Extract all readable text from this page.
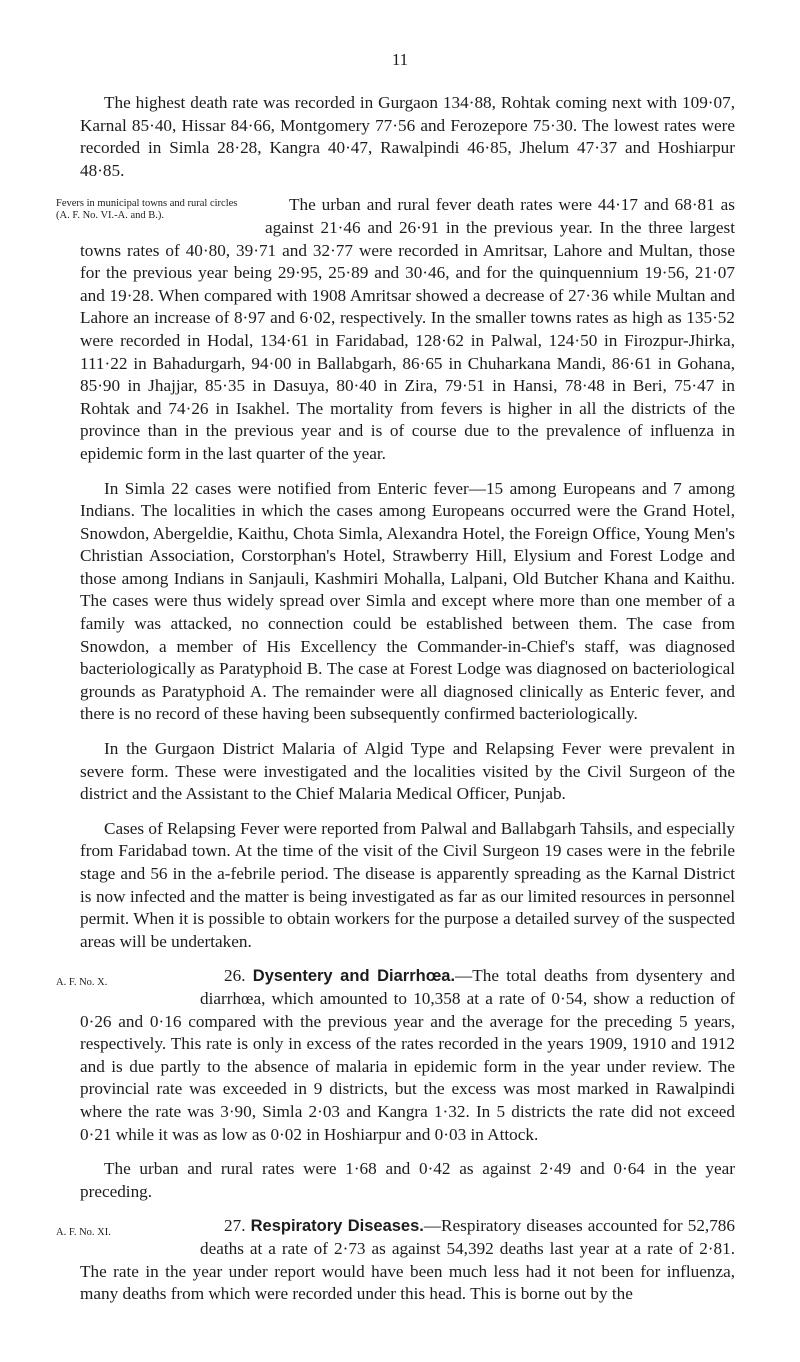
11

The highest death rate was recorded in Gurgaon 134·88, Rohtak coming next with 109·07, Karnal 85·40, Hissar 84·66, Montgomery 77·56 and Ferozepore 75·30. The lowest rates were recorded in Simla 28·28, Kangra 40·47, Rawalpindi 46·85, Jhelum 47·37 and Hoshiarpur 48·85.

Fevers in municipal towns and rural circles (A. F. No. VI.-A. and B.).
The urban and rural fever death rates were 44·17 and 68·81 as against 21·46 and 26·91 in the previous year. In the three largest towns rates of 40·80, 39·71 and 32·77 were recorded in Amritsar, Lahore and Multan, those for the previous year being 29·95, 25·89 and 30·46, and for the quinquennium 19·56, 21·07 and 19·28. When compared with 1908 Amritsar showed a decrease of 27·36 while Multan and Lahore an increase of 8·97 and 6·02, respectively. In the smaller towns rates as high as 135·52 were recorded in Hodal, 134·61 in Faridabad, 128·62 in Palwal, 124·50 in Firozpur-Jhirka, 111·22 in Bahadurgarh, 94·00 in Ballabgarh, 86·65 in Chuharkana Mandi, 86·61 in Gohana, 85·90 in Jhajjar, 85·35 in Dasuya, 80·40 in Zira, 79·51 in Hansi, 78·48 in Beri, 75·47 in Rohtak and 74·26 in Isakhel. The mortality from fevers is higher in all the districts of the province than in the previous year and is of course due to the prevalence of influenza in epidemic form in the last quarter of the year.

In Simla 22 cases were notified from Enteric fever—15 among Europeans and 7 among Indians. The localities in which the cases among Europeans occurred were the Grand Hotel, Snowdon, Abergeldie, Kaithu, Chota Simla, Alexandra Hotel, the Foreign Office, Young Men's Christian Association, Corstorphan's Hotel, Strawberry Hill, Elysium and Forest Lodge and those among Indians in Sanjauli, Kashmiri Mohalla, Lalpani, Old Butcher Khana and Kaithu. The cases were thus widely spread over Simla and except where more than one member of a family was attacked, no connection could be established between them. The case from Snowdon, a member of His Excellency the Commander-in-Chief's staff, was diagnosed bacteriologically as Paratyphoid B. The case at Forest Lodge was diagnosed on bacteriological grounds as Paratyphoid A. The remainder were all diagnosed clinically as Enteric fever, and there is no record of these having been subsequently confirmed bacteriologically.

In the Gurgaon District Malaria of Algid Type and Relapsing Fever were prevalent in severe form. These were investigated and the localities visited by the Civil Surgeon of the district and the Assistant to the Chief Malaria Medical Officer, Punjab.

Cases of Relapsing Fever were reported from Palwal and Ballabgarh Tahsils, and especially from Faridabad town. At the time of the visit of the Civil Surgeon 19 cases were in the febrile stage and 56 in the a-febrile period. The disease is apparently spreading as the Karnal District is now infected and the matter is being investigated as far as our limited resources in personnel permit. When it is possible to obtain workers for the purpose a detailed survey of the suspected areas will be undertaken.

A. F. No. X.	26. Dysentery and Diarrhœa.—The total deaths from dysentery and diarrhœa, which amounted to 10,358 at a rate of 0·54, show a reduction of 0·26 and 0·16 compared with the previous year and the average for the preceding 5 years, respectively. This rate is only in excess of the rates recorded in the years 1909, 1910 and 1912 and is due partly to the absence of malaria in epidemic form in the year under review. The provincial rate was exceeded in 9 districts, but the excess was most marked in Rawalpindi where the rate was 3·90, Simla 2·03 and Kangra 1·32. In 5 districts the rate did not exceed 0·21 while it was as low as 0·02 in Hoshiarpur and 0·03 in Attock.

The urban and rural rates were 1·68 and 0·42 as against 2·49 and 0·64 in the year preceding.

A. F. No. XI.	27. Respiratory Diseases.—Respiratory diseases accounted for 52,786 deaths at a rate of 2·73 as against 54,392 deaths last year at a rate of 2·81. The rate in the year under report would have been much less had it not been for influenza, many deaths from which were recorded under this head. This is borne out by the
